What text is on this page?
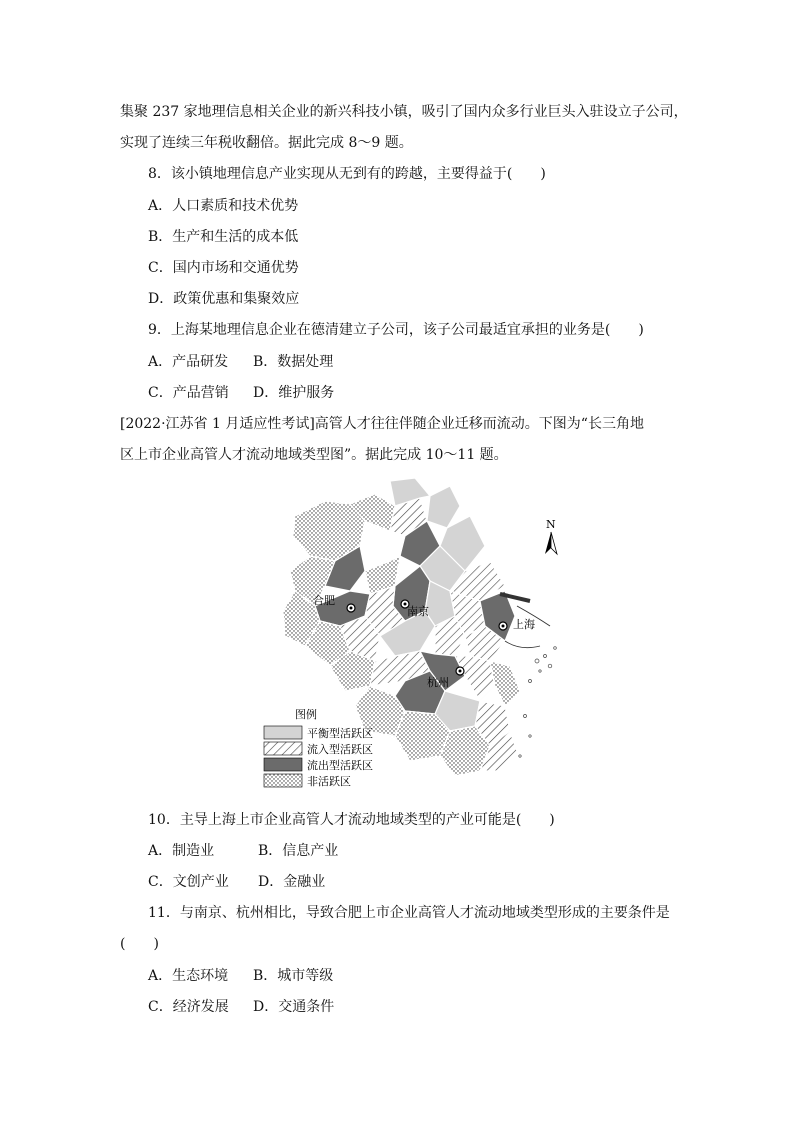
集聚 237 家地理信息相关企业的新兴科技小镇，吸引了国内众多行业巨头入驻设立子公司，
实现了连续三年税收翻倍。据此完成 8～9 题。
8．该小镇地理信息产业实现从无到有的跨越，主要得益于(　　)
A．人口素质和技术优势
B．生产和生活的成本低
C．国内市场和交通优势
D．政策优惠和集聚效应
9．上海某地理信息企业在德清建立子公司，该子公司最适宜承担的业务是(　　)
A．产品研发 B．数据处理
C．产品营销 D．维护服务
[2022·江苏省 1 月适应性考试]高管人才往往伴随企业迁移而流动。下图为“长三角地
区上市企业高管人才流动地域类型图”。据此完成 10～11 题。
合肥
南京
上海
杭州
N
图例
平衡型活跃区
流入型活跃区
流出型活跃区
非活跃区
10．主导上海上市企业高管人才流动地域类型的产业可能是(　　)
A．制造业	B．信息产业
C．文创产业 D．金融业
11．与南京、杭州相比，导致合肥上市企业高管人才流动地域类型形成的主要条件是
(　　)
A．生态环境 B．城市等级
C．经济发展 D．交通条件
